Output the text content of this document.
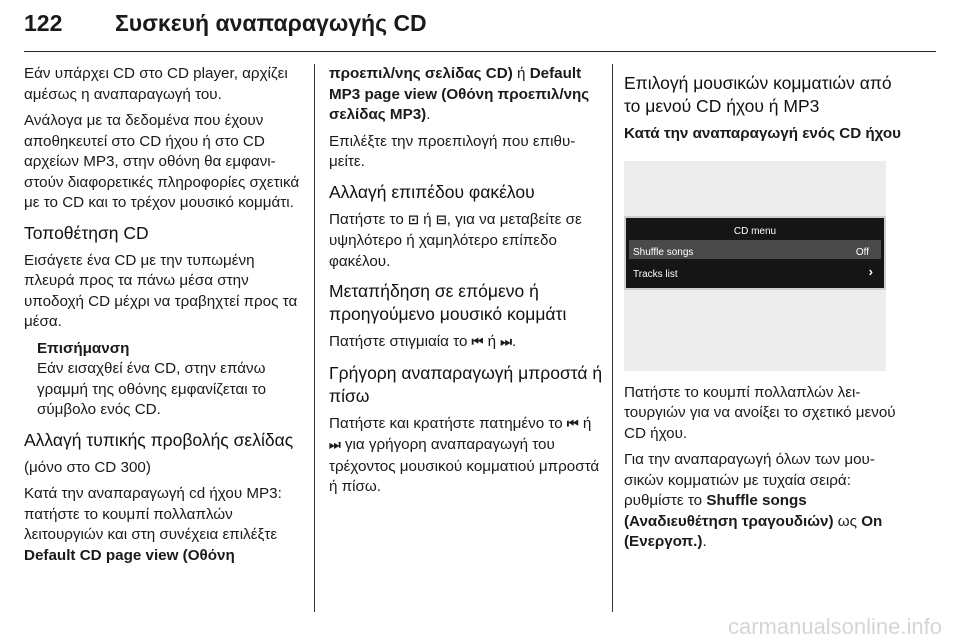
122 Συσκευή αναπαραγωγής CD

Εάν υπάρχει CD στο CD player, αρχίζει αμέσως η αναπαραγωγή του.

Ανάλογα με τα δεδομένα που έχουν αποθηκευτεί στο CD ήχου ή στο CD αρχείων MP3, στην οθόνη θα εμφανιστούν διαφορετικές πληροφορίες σχετικά με το CD και το τρέχον μουσικό κομμάτι.

Τοποθέτηση CD

Εισάγετε ένα CD με την τυπωμένη πλευρά προς τα πάνω μέσα στην υποδοχή CD μέχρι να τραβηχτεί προς τα μέσα.

Επισήμανση
Εάν εισαχθεί ένα CD, στην επάνω γραμμή της οθόνης εμφανίζεται το σύμβολο ενός CD.
Αλλαγή τυπικής προβολής σελίδας

(μόνο στο CD 300)

Κατά την αναπαραγωγή cd ήχου MP3: πατήστε το κουμπί πολλαπλών λειτουργιών και στη συνέχεια επιλέξτε Default CD page view (Οθόνη

προεπιλ/νης σελίδας CD) ή Default MP3 page view (Οθόνη προεπιλ/νης σελίδας MP3).

Επιλέξτε την προεπιλογή που επιθυμείτε.

Αλλαγή επιπέδου φακέλου

Πατήστε το ⊡ ή ⊟, για να μεταβείτε σε υψηλότερο ή χαμηλότερο επίπεδο φακέλου.

Μεταπήδηση σε επόμενο ή προηγούμενο μουσικό κομμάτι

Πατήστε στιγμιαία το ⏮ ή ⏭.

Γρήγορη αναπαραγωγή μπροστά ή πίσω

Πατήστε και κρατήστε πατημένο το ⏮ ή ⏭ για γρήγορη αναπαραγωγή του τρέχοντος μουσικού κομματιού μπροστά ή πίσω.

Επιλογή μουσικών κομματιών από το μενού CD ήχου ή MP3
Κατά την αναπαραγωγή ενός CD ήχου
CD menu
Shuffle songs	Off
Tracks list	›

Πατήστε το κουμπί πολλαπλών λειτουργιών για να ανοίξει το σχετικό μενού CD ήχου.

Για την αναπαραγωγή όλων των μουσικών κομματιών με τυχαία σειρά: ρυθμίστε το Shuffle songs (Αναδιευθέτηση τραγουδιών) ως On (Ενεργοπ.).

carmanualsonline.info
